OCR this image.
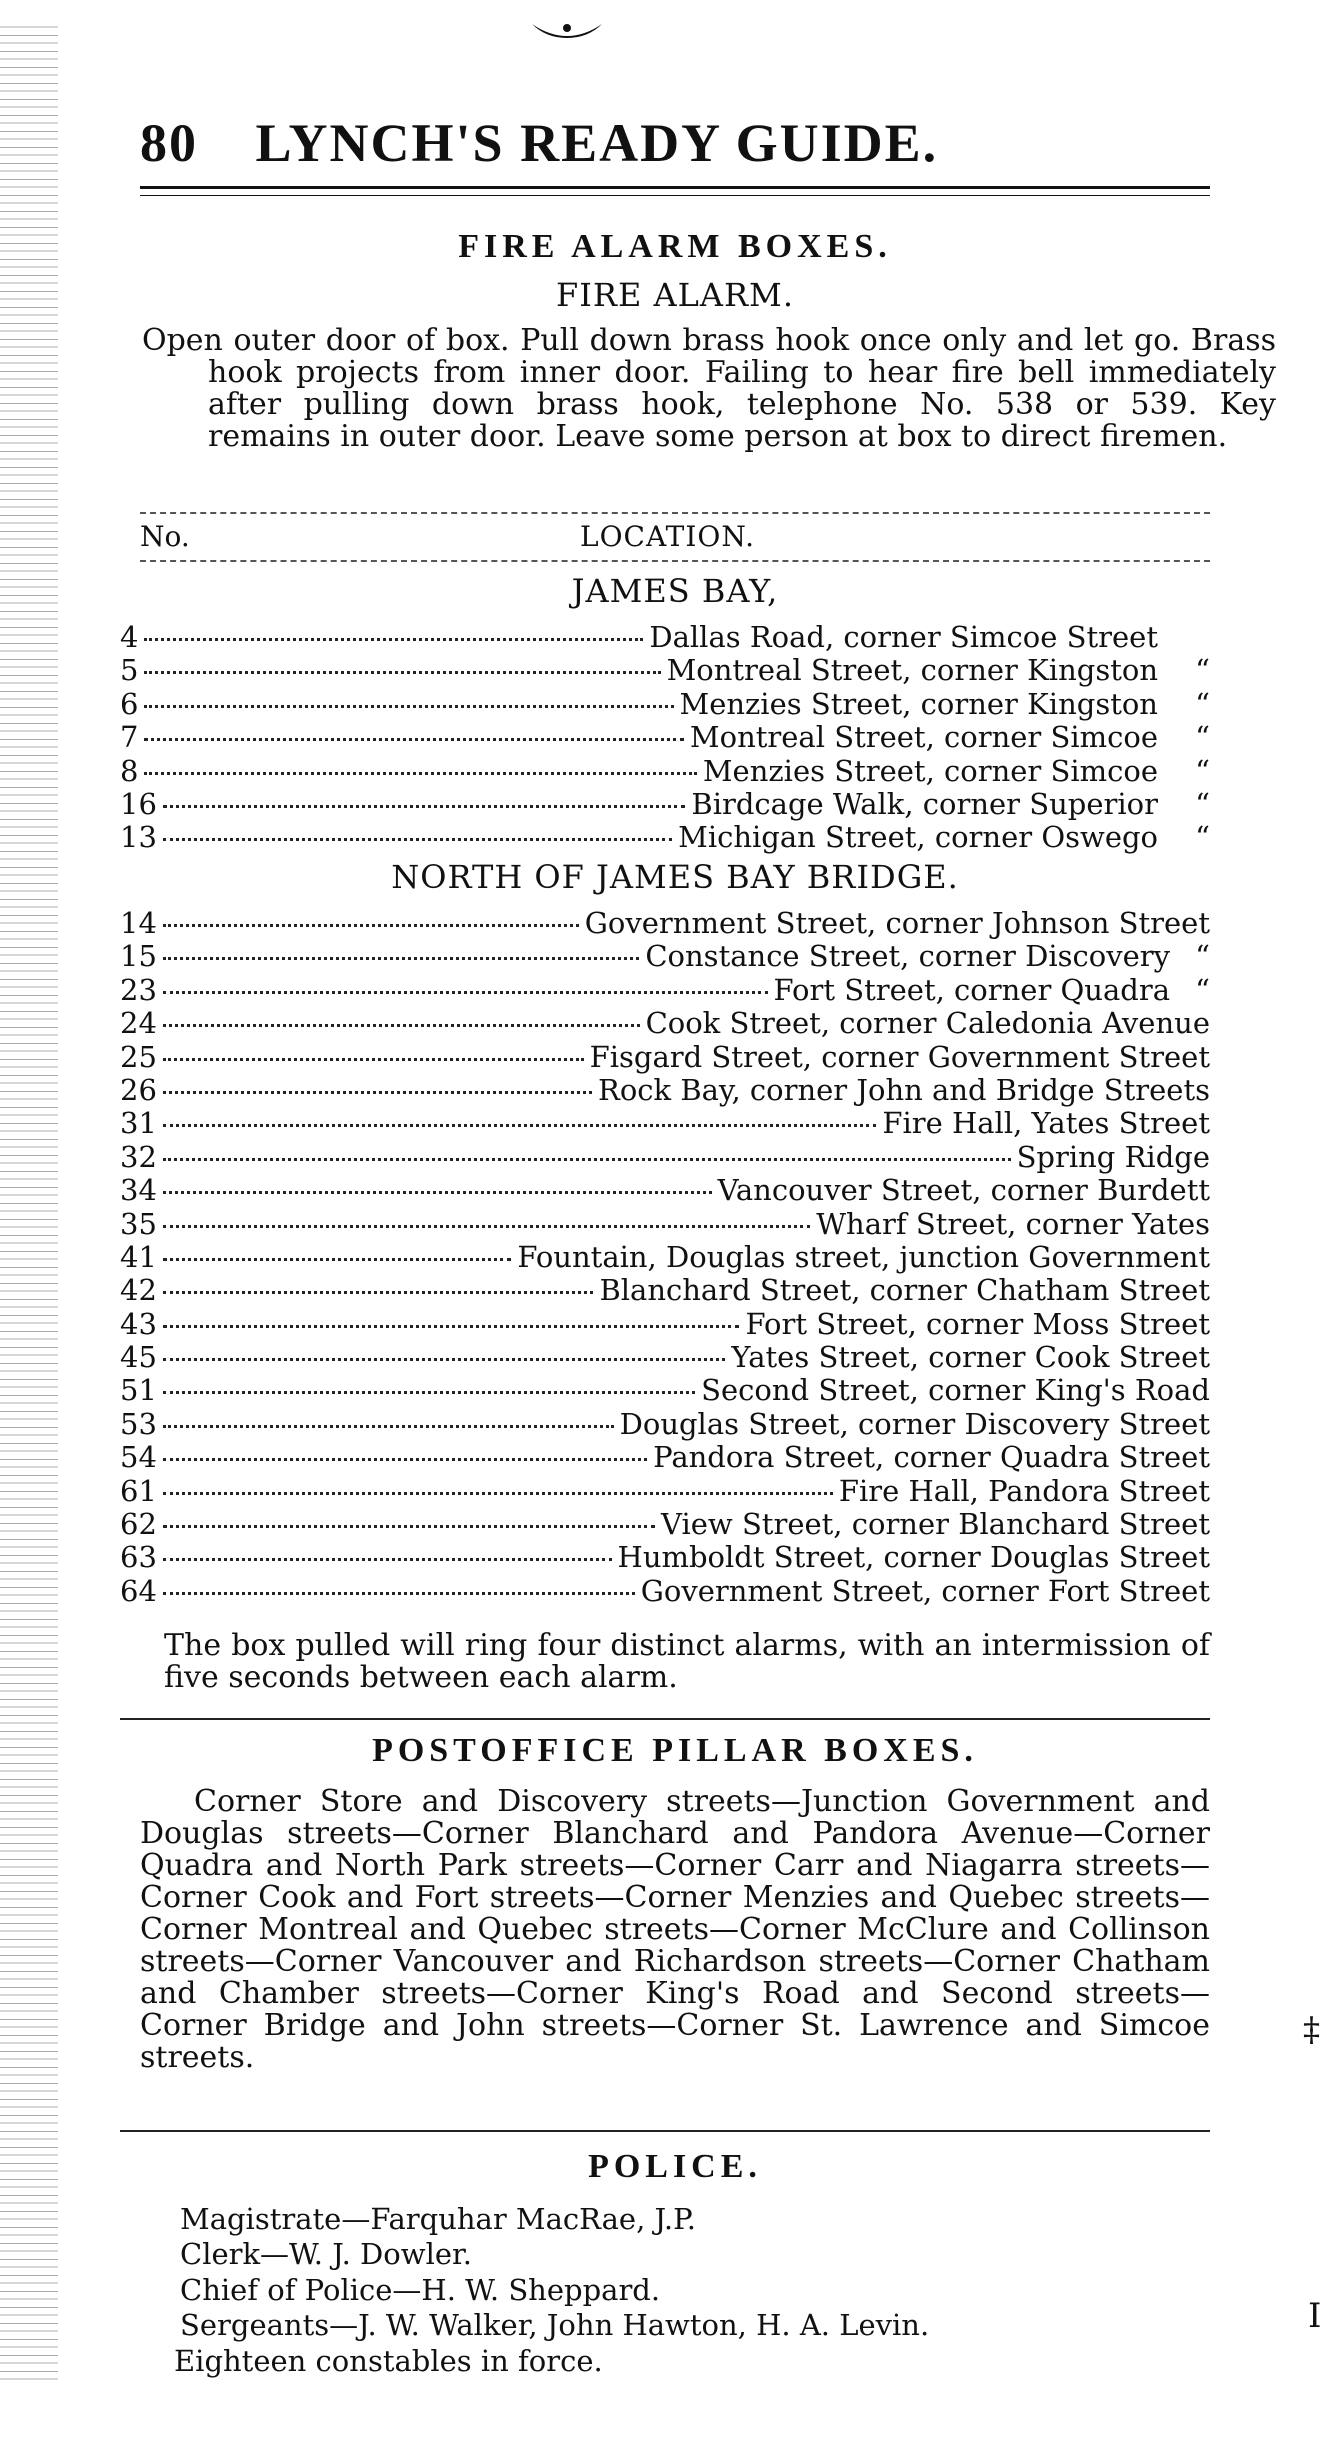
80 LYNCH'S READY GUIDE.
FIRE ALARM BOXES.
FIRE ALARM.
Open outer door of box. Pull down brass hook once only and let go. Brass hook projects from inner door. Failing to hear fire bell immediately after pulling down brass hook, telephone No. 538 or 539. Key remains in outer door. Leave some person at box to direct firemen.
No.	LOCATION.
JAMES BAY,
4	Dallas Road, corner Simcoe Street
5	Montreal Street, corner Kingston	“
6	Menzies Street, corner Kingston	“
7	Montreal Street, corner Simcoe	“
8	Menzies Street, corner Simcoe	“
16	Birdcage Walk, corner Superior	“
13	Michigan Street, corner Oswego	“
NORTH OF JAMES BAY BRIDGE.
14	Government Street, corner Johnson Street
15	Constance Street, corner Discovery “
23	Fort Street, corner Quadra “
24	Cook Street, corner Caledonia Avenue
25	Fisgard Street, corner Government Street
26	Rock Bay, corner John and Bridge Streets
31	Fire Hall, Yates Street
32	Spring Ridge
34	Vancouver Street, corner Burdett
35	Wharf Street, corner Yates
41	Fountain, Douglas street, junction Government
42	Blanchard Street, corner Chatham Street
43	Fort Street, corner Moss Street
45	Yates Street, corner Cook Street
51	Second Street, corner King's Road
53	Douglas Street, corner Discovery Street
54	Pandora Street, corner Quadra Street
61	Fire Hall, Pandora Street
62	View Street, corner Blanchard Street
63	Humboldt Street, corner Douglas Street
64	Government Street, corner Fort Street
The box pulled will ring four distinct alarms, with an intermission of five seconds between each alarm.
POSTOFFICE PILLAR BOXES.
Corner Store and Discovery streets—Junction Government and Douglas streets—Corner Blanchard and Pandora Avenue—Corner Quadra and North Park streets—Corner Carr and Niagarra streets—Corner Cook and Fort streets—Corner Menzies and Quebec streets—Corner Montreal and Quebec streets—Corner McClure and Collinson streets—Corner Vancouver and Richardson streets—Corner Chatham and Chamber streets—Corner King's Road and Second streets—Corner Bridge and John streets—Corner St. Lawrence and Simcoe streets.
POLICE.
Magistrate—Farquhar MacRae, J.P.
Clerk—W. J. Dowler.
Chief of Police—H. W. Sheppard.
Sergeants—J. W. Walker, John Hawton, H. A. Levin.
Eighteen constables in force.
‡
I
